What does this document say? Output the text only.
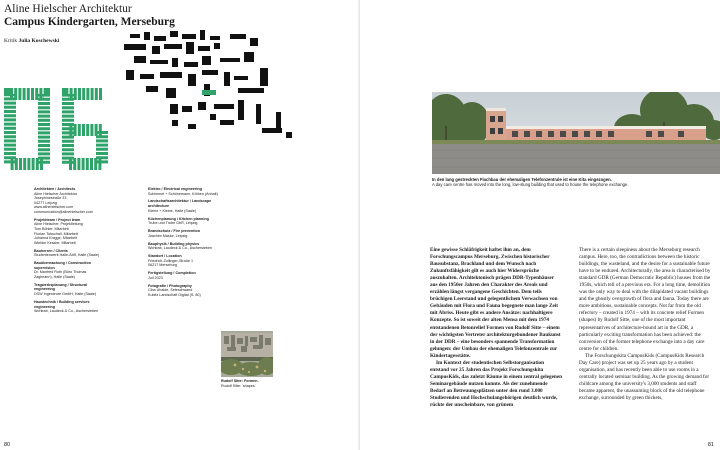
Aline Hielscher Architektur
Campus Kindergarten, Merseburg
Kritik Julia Koschewski
Architekten / Architects
Aline Hielscher Architektur
Josephinestraße 33
04277 Leipzig
www.alinehielscher.com
communication@alinehielscher.com
Projektteam / Project team
Aline Hielscher, Projektleitung
Tom Böhler, Mitarbeit
Florian Tobschall, Mitarbeit
Johanna Knigge, Mitarbeit
Wiebke Kessler, Mitarbeit
Bauherren / Clients
Studentenwerk Halle-Aöff, Halle (Saale)
Bauüberwachung / Construction supervision
Dr. Manfred Roth (Büro Thomas Zaglmann), Halle (Saale)
Tragwerksplanung / Structural engineering
DSW Ingenieure GmbH, Halle (Saale)
Haustechnik / Building services engineering
Wohlrab, Laudeck & Co., Aschersleben
Elektro / Electrical engineering
Schimmel + Schönemann, Köthen (Anhalt)
Landschaftsarchitektur / Landscape architecture
Kleine + Kleine, Halle (Saale)
Küchenplanung / Kitchen planning
Trube und Trube GbR, Leipzig
Brandschutz / Fire prevention
Joachim Maske, Leipzig
Bauphysik / Building physics
Wohlrab, Laudeck & Co., Aschersleben
Standort / Location
Friedrich-Zollinger-Straße 1
06217 Merseburg
Fertigstellung / Completion
Juli 2023
Fotografie / Photography
Ciba Uhalde, Seleschwand
Kubitz Landschaft Digital (S. 80)
Rudolf Sitte: Formen.
Rudolf Sitte: 'shapes'.
80
In den lang gestreckten Flachbau der ehemaligen Telefonzentrale ist eine Kita eingezogen.
A day care centre has moved into the long, low-slung building that used to house the telephone exchange.

Eine gewisse Schläfrigkeit haftet ihm an, dem Forschungscampus Merseburg. Zwischen historischer Bausubstanz, Brachland und dem Wunsch nach Zukunftsfähigkeit gilt es auch hier Widersprüche auszuhalten. Architektonisch prägen DDR-Typenhäuser aus den 1950er Jahren den Charakter des Areals und erzählen längst vergangene Geschichten. Dem teils brüchigen Leerstand und gelegentlichem Verwachsen von Gebäuden mit Flora und Fauna begegnete man lange Zeit mit Abriss. Heute gibt es andere Ansätze: nachhaltigere Konzepte. So ist soweit der alten Mensa mit dem 1974 entstandenen Betonrelief Formen von Rudolf Sitte – einem der wichtigsten Vertreter architekturgebundener Baukunst in der DDR – eine besonders spannende Transformation gelungen: der Umbau der ehemaligen Telefonzentrale zur Kindertagesstätte.

Im Kontext der studentischen Selbstorganisation entstand vor 25 Jahren das Projekt Forschungskita CampusKids, das zuletzt Räume in einem zentral gelegenen Seminargebäude nutzen konnte. Als der zunehmende Bedarf an Betreuungsplätzen unter den rund 3.000 Studierenden und Hochschulangehörigen deutlich wurde, rückte der unscheinbare, von grünem

There is a certain sleepiness about the Merseburg research campus. Here, too, the contradictions between the historic buildings, the wasteland, and the desire for a sustainable future have to be endured. Architecturally, the area is characterised by standard GDR (German Democratic Republic) houses from the 1950s, which tell of a previous era. For a long time, demolition was the only way to deal with the dilapidated vacant buildings and the ghostly overgrowth of flora and fauna. Today there are more ambitious, sustainable concepts. Not far from the old refectory – created in 1974 – with its concrete relief Formen (shapes) by Rudolf Sitte, one of the most important representatives of architecture-bound art in the GDR, a particularly exciting transformation has been achieved: the conversion of the former telephone exchange into a day care centre for children.

The Forschungskita CampusKids (CampusKids Research Day Care) project was set up 25 years ago by a student organisation, and has recently been able to use rooms in a centrally located seminar building. As the growing demand for childcare among the university's 3,000 students and staff became apparent, the unassuming block of the old telephone exchange, surrounded by green thickets,

81
